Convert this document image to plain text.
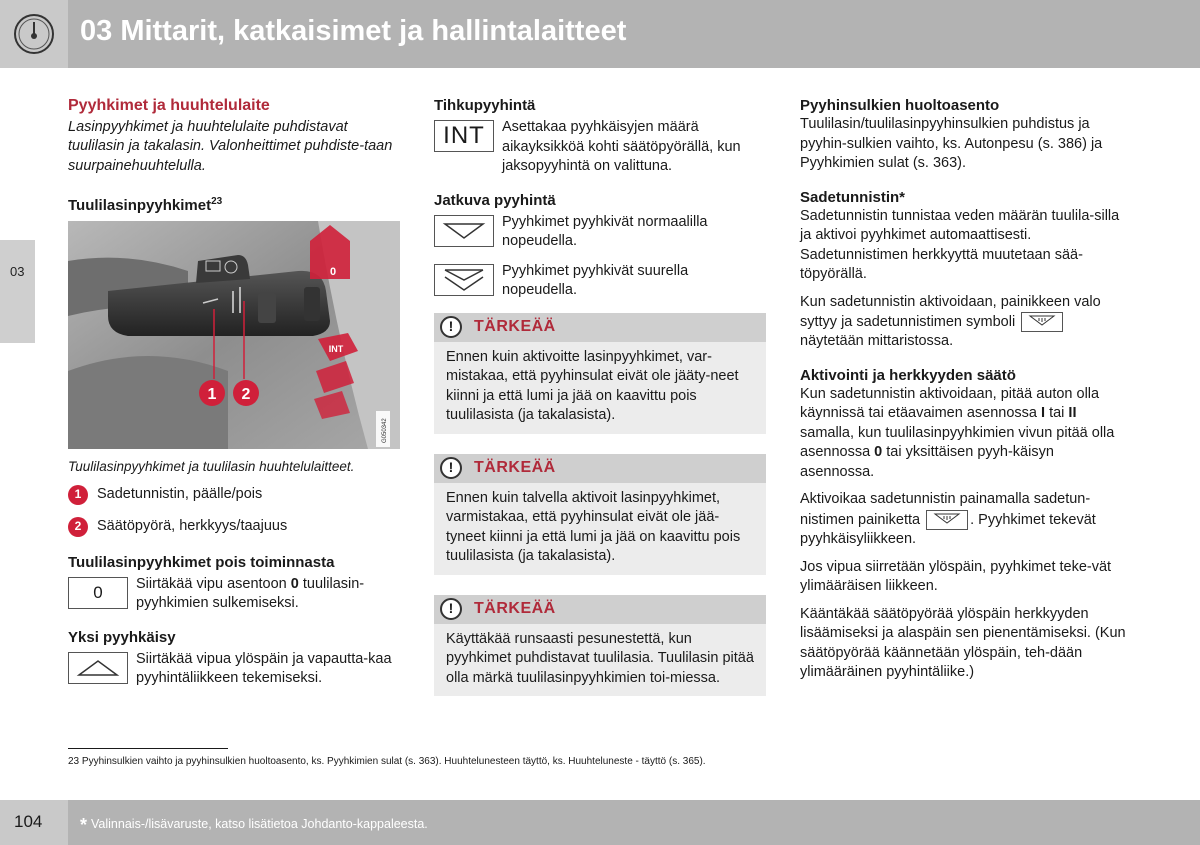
03 Mittarit, katkaisimet ja hallintalaitteet
03
Pyyhkimet ja huuhtelulaite
Lasinpyyhkimet ja huuhtelulaite puhdistavat tuulilasin ja takalasin. Valonheittimet puhdiste-taan suurpainehuuhtelulla.
Tuulilasinpyyhkimet$^{23}$
1 2
0
INT
G050342
Tuulilasinpyyhkimet ja tuulilasin huuhtelulaitteet.
1	Sadetunnistin, päälle/pois
2	Säätöpyörä, herkkyys/taajuus
Tuulilasinpyyhkimet pois toiminnasta
0	Siirtäkää vipu asentoon 0 tuulilasin-pyyhkimien sulkemiseksi.
Yksi pyyhkäisy
Siirtäkää vipua ylöspäin ja vapautta-kaa pyyhintäliikkeen tekemiseksi.
Tihkupyyhintä
INT	Asettakaa pyyhkäisyjen määrä aikayksikköä kohti säätöpyörällä, kun jaksopyyhintä on valittuna.
Jatkuva pyyhintä
Pyyhkimet pyyhkivät normaalilla nopeudella.
Pyyhkimet pyyhkivät suurella nopeudella.
!	TÄRKEÄÄ
Ennen kuin aktivoitte lasinpyyhkimet, var-mistakaa, että pyyhinsulat eivät ole jääty-neet kiinni ja että lumi ja jää on kaavittu pois tuulilasista (ja takalasista).
!	TÄRKEÄÄ
Ennen kuin talvella aktivoit lasinpyyhkimet, varmistakaa, että pyyhinsulat eivät ole jää-tyneet kiinni ja että lumi ja jää on kaavittu pois tuulilasista (ja takalasista).
!	TÄRKEÄÄ
Käyttäkää runsaasti pesunestettä, kun pyyhkimet puhdistavat tuulilasia. Tuulilasin pitää olla märkä tuulilasinpyyhkimien toi-miessa.
Pyyhinsulkien huoltoasento
Tuulilasin/tuulilasinpyyhinsulkien puhdistus ja pyyhin-sulkien vaihto, ks. Autonpesu (s. 386) ja Pyyhkimien sulat (s. 363).
Sadetunnistin*
Sadetunnistin tunnistaa veden määrän tuulila-silla ja aktivoi pyyhkimet automaattisesti. Sadetunnistimen herkkyyttä muutetaan sää-töpyörällä.
Kun sadetunnistin aktivoidaan, painikkeen valo syttyy ja sadetunnistimen symboli  näytetään mittaristossa.
Aktivointi ja herkkyyden säätö
Kun sadetunnistin aktivoidaan, pitää auton olla käynnissä tai etäavaimen asennossa I tai II samalla, kun tuulilasinpyyhkimien vivun pitää olla asennossa 0 tai yksittäisen pyyh-käisyn asennossa.
Aktivoikaa sadetunnistin painamalla sadetun-nistimen painiketta	. Pyyhkimet tekevät pyyhkäisyliikkeen.
Jos vipua siirretään ylöspäin, pyyhkimet teke-vät ylimääräisen liikkeen.
Kääntäkää säätöpyörää ylöspäin herkkyyden lisäämiseksi ja alaspäin sen pienentämiseksi. (Kun säätöpyörää käännetään ylöspäin, teh-dään ylimääräinen pyyhintäliike.)
23 Pyyhinsulkien vaihto ja pyyhinsulkien huoltoasento, ks. Pyyhkimien sulat (s. 363). Huuhtelunesteen täyttö, ks. Huuhteluneste - täyttö (s. 365).
104 * Valinnais-/lisävaruste, katso lisätietoa Johdanto-kappaleesta.
